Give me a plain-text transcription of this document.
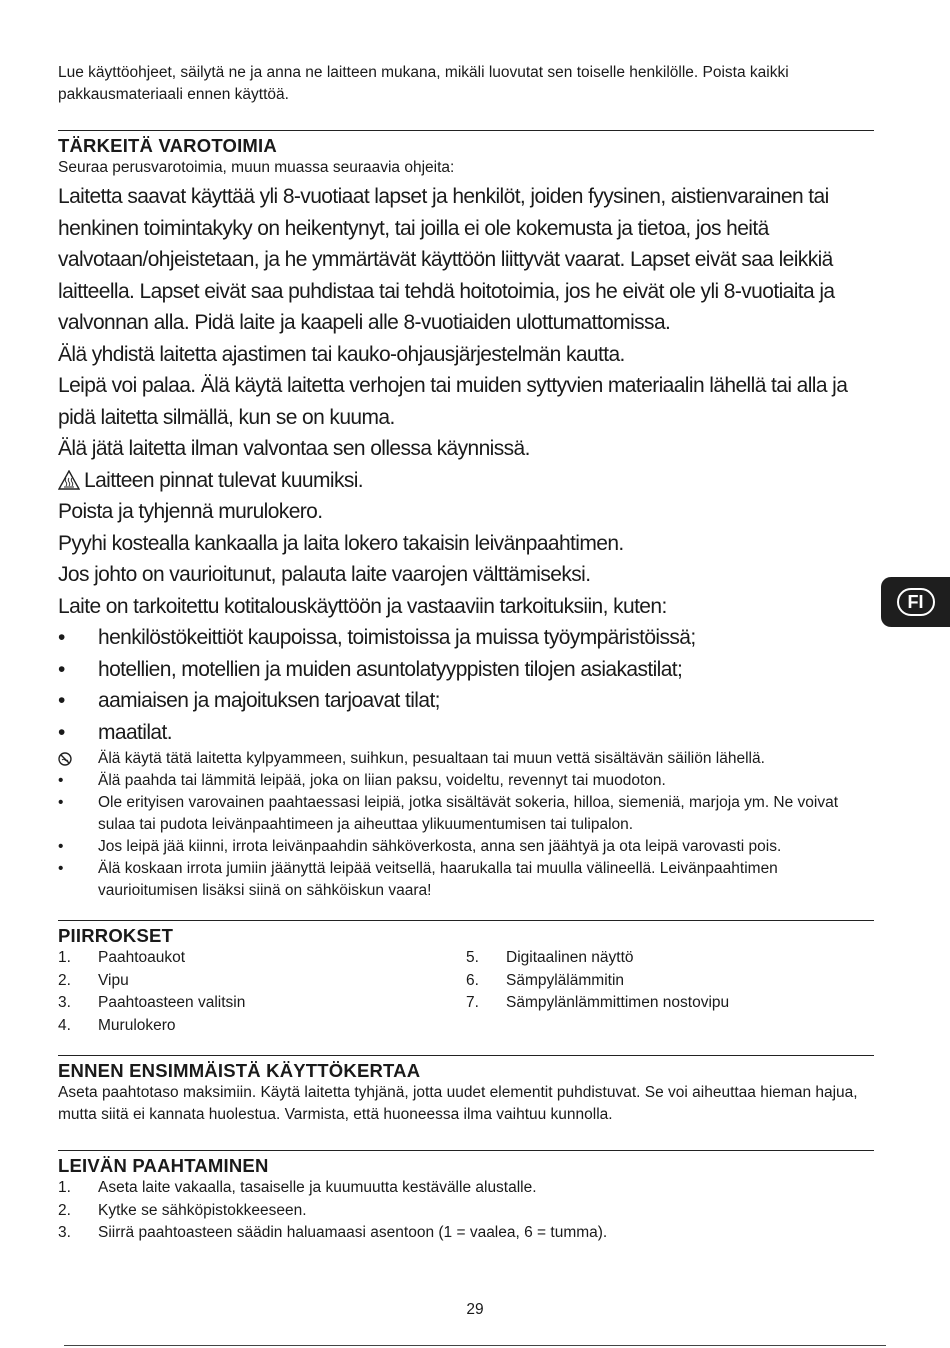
Lue käyttöohjeet, säilytä ne ja anna ne laitteen mukana, mikäli luovutat sen toiselle henkilölle. Poista kaikki pakkausmateriaali ennen käyttöä.

TÄRKEITÄ VAROTOIMIA

Seuraa perusvarotoimia, muun muassa seuraavia ohjeita:

Laitetta saavat käyttää yli 8-vuotiaat lapset ja henkilöt, joiden fyysinen, aistienvarainen tai henkinen toimintakyky on heikentynyt, tai joilla ei ole kokemusta ja tietoa, jos heitä valvotaan/ohjeistetaan, ja he ymmärtävät käyttöön liittyvät vaarat. Lapset eivät saa leikkiä laitteella. Lapset eivät saa puhdistaa tai tehdä hoitotoimia, jos he eivät ole yli 8-vuotiaita ja valvonnan alla. Pidä laite ja kaapeli alle 8-vuotiaiden ulottumattomissa.

Älä yhdistä laitetta ajastimen tai kauko-ohjausjärjestelmän kautta.

Leipä voi palaa. Älä käytä laitetta verhojen tai muiden syttyvien materiaalin lähellä tai alla ja pidä laitetta silmällä, kun se on kuuma.

Älä jätä laitetta ilman valvontaa sen ollessa käynnissä.

Laitteen pinnat tulevat kuumiksi.

Poista ja tyhjennä murulokero.

Pyyhi kostealla kankaalla ja laita lokero takaisin leivänpaahtimen.

Jos johto on vaurioitunut, palauta laite vaarojen välttämiseksi.

Laite on tarkoitettu kotitalouskäyttöön ja vastaaviin tarkoituksiin, kuten:

• henkilöstökeittiöt kaupoissa, toimistoissa ja muissa työympäristöissä;
• hotellien, motellien ja muiden asuntolatyyppisten tilojen asiakastilat;
• aamiaisen ja majoituksen tarjoavat tilat;
• maatilat.
Älä käytä tätä laitetta kylpyammeen, suihkun, pesualtaan tai muun vettä sisältävän säiliön lähellä.
•	Älä paahda tai lämmitä leipää, joka on liian paksu, voideltu, revennyt tai muodoton.
•	Ole erityisen varovainen paahtaessasi leipiä, jotka sisältävät sokeria, hilloa, siemeniä, marjoja ym. Ne voivat sulaa tai pudota leivänpaahtimeen ja aiheuttaa ylikuumentumisen tai tulipalon.
•	Jos leipä jää kiinni, irrota leivänpaahdin sähköverkosta, anna sen jäähtyä ja ota leipä varovasti pois.
•	Älä koskaan irrota jumiin jäänyttä leipää veitsellä, haarukalla tai muulla välineellä. Leivänpaahtimen vaurioitumisen lisäksi siinä on sähköiskun vaara!
PIIRROKSET
1.	Paahtoaukot
2.	Vipu
3.	Paahtoasteen valitsin
4.	Murulokero
5.	Digitaalinen näyttö
6.	Sämpylälämmitin
7.	Sämpylänlämmittimen nostovipu
ENNEN ENSIMMÄISTÄ KÄYTTÖKERTAA

Aseta paahtotaso maksimiin. Käytä laitetta tyhjänä, jotta uudet elementit puhdistuvat. Se voi aiheuttaa hieman hajua, mutta siitä ei kannata huolestua. Varmista, että huoneessa ilma vaihtuu kunnolla.

LEIVÄN PAAHTAMINEN
1.	Aseta laite vakaalla, tasaiselle ja kuumuutta kestävälle alustalle.
2.	Kytke se sähköpistokkeeseen.
3.	Siirrä paahtoasteen säädin haluamaasi asentoon (1 = vaalea, 6 = tumma).
FI
29
